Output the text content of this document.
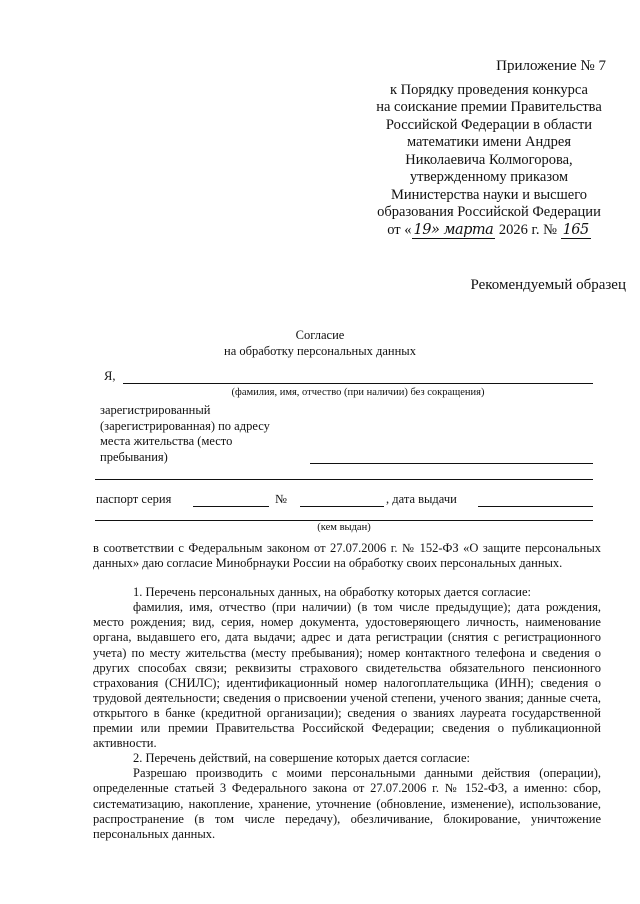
Приложение № 7
к Порядку проведения конкурса
на соискание премии Правительства
Российской Федерации в области
математики имени Андрея
Николаевича Колмогорова,
утвержденному приказом
Министерства науки и высшего
образования Российской Федерации
от « 19» марта 2026 г. № 165
Рекомендуемый образец
Согласие
на обработку персональных данных
Я,
(фамилия, имя, отчество (при наличии) без сокращения)
зарегистрированный
(зарегистрированная) по адресу
места жительства (место
пребывания)
паспорт серия	№	, дата выдачи
(кем выдан)

в соответствии с Федеральным законом от 27.07.2006 г. № 152-ФЗ «О защите персональных данных» даю согласие Минобрнауки России на обработку своих персональных данных.

1. Перечень персональных данных, на обработку которых дается согласие:

фамилия, имя, отчество (при наличии) (в том числе предыдущие); дата рождения, место рождения; вид, серия, номер документа, удостоверяющего личность, наименование органа, выдавшего его, дата выдачи; адрес и дата регистрации (снятия с регистрационного учета) по месту жительства (месту пребывания); номер контактного телефона и сведения о других способах связи; реквизиты страхового свидетельства обязательного пенсионного страхования (СНИЛС); идентификационный номер налогоплательщика (ИНН); сведения о трудовой деятельности; сведения о присвоении ученой степени, ученого звания; данные счета, открытого в банке (кредитной организации); сведения о званиях лауреата государственной премии или премии Правительства Российской Федерации; сведения о публикационной активности.

2. Перечень действий, на совершение которых дается согласие:

Разрешаю производить с моими персональными данными действия (операции), определенные статьей 3 Федерального закона от 27.07.2006 г. № 152-ФЗ, а именно: сбор, систематизацию, накопление, хранение, уточнение (обновление, изменение), использование, распространение (в том числе передачу), обезличивание, блокирование, уничтожение персональных данных.
